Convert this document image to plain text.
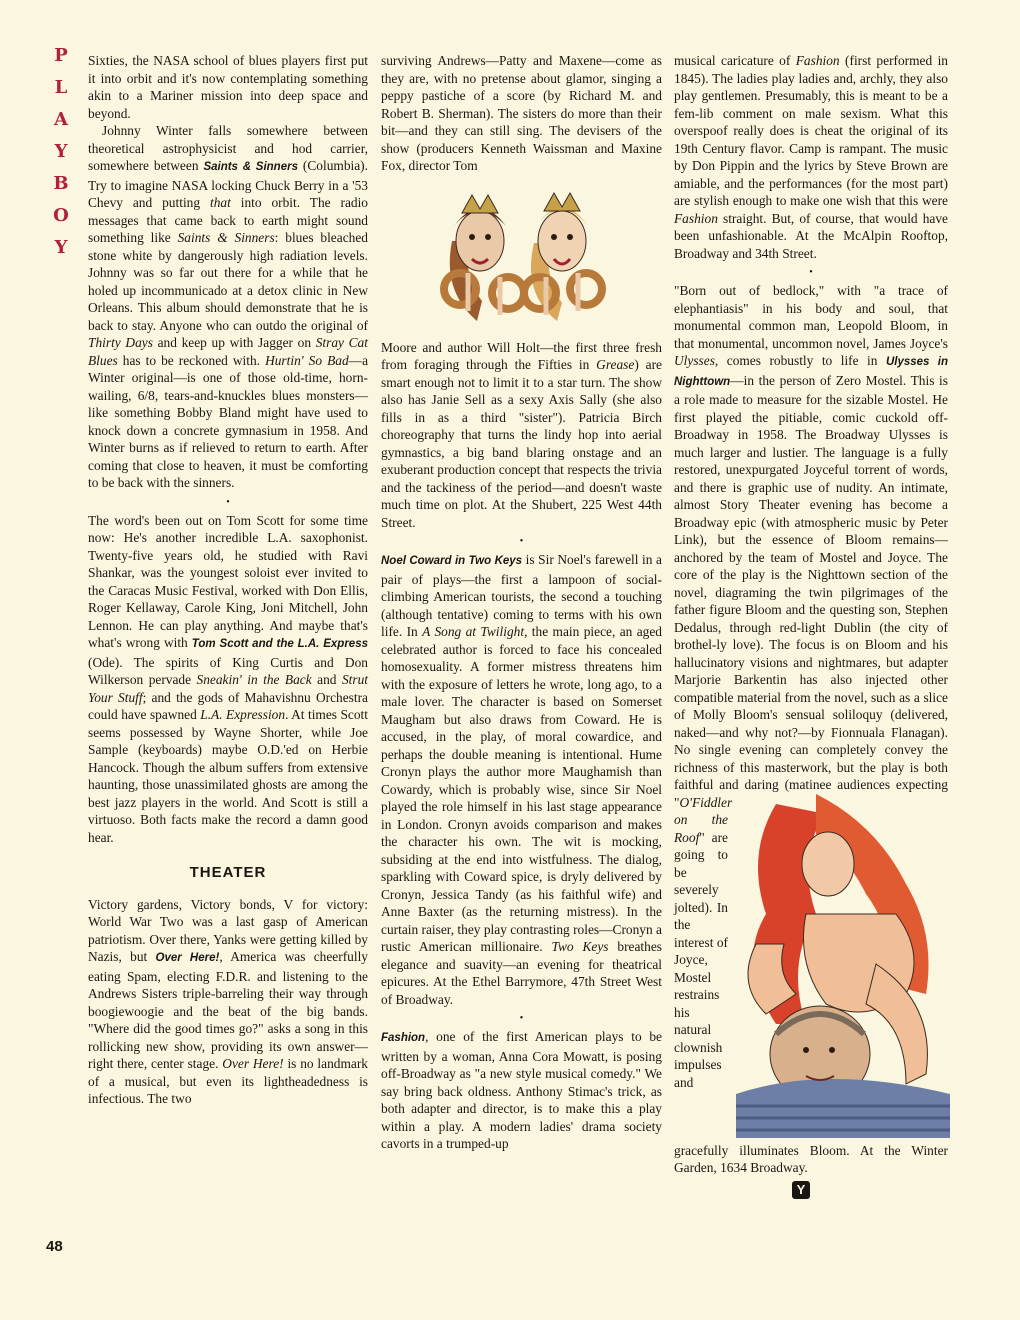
P
L
A
Y
B
O
Y
48

Sixties, the NASA school of blues players first put it into orbit and it's now contemplating something akin to a Mariner mission into deep space and beyond.

Johnny Winter falls somewhere between theoretical astrophysicist and hod carrier, somewhere between Saints & Sinners (Columbia). Try to imagine NASA locking Chuck Berry in a '53 Chevy and putting that into orbit. The radio messages that came back to earth might sound something like Saints & Sinners: blues bleached stone white by dangerously high radiation levels. Johnny was so far out there for a while that he holed up incommunicado at a detox clinic in New Orleans. This album should demonstrate that he is back to stay. Anyone who can outdo the original of Thirty Days and keep up with Jagger on Stray Cat Blues has to be reckoned with. Hurtin' So Bad—a Winter original—is one of those old-time, horn-wailing, 6/8, tears-and-knuckles blues monsters—like something Bobby Bland might have used to knock down a concrete gymnasium in 1958. And Winter burns as if relieved to return to earth. After coming that close to heaven, it must be comforting to be back with the sinners.

•

The word's been out on Tom Scott for some time now: He's another incredible L.A. saxophonist. Twenty-five years old, he studied with Ravi Shankar, was the youngest soloist ever invited to the Caracas Music Festival, worked with Don Ellis, Roger Kellaway, Carole King, Joni Mitchell, John Lennon. He can play anything. And maybe that's what's wrong with Tom Scott and the L.A. Express (Ode). The spirits of King Curtis and Don Wilkerson pervade Sneakin' in the Back and Strut Your Stuff; and the gods of Mahavishnu Orchestra could have spawned L.A. Expression. At times Scott seems possessed by Wayne Shorter, while Joe Sample (keyboards) maybe O.D.'ed on Herbie Hancock. Though the album suffers from extensive haunting, those unassimilated ghosts are among the best jazz players in the world. And Scott is still a virtuoso. Both facts make the record a damn good hear.

THEATER

Victory gardens, Victory bonds, V for victory: World War Two was a last gasp of American patriotism. Over there, Yanks were getting killed by Nazis, but Over Here!, America was cheerfully eating Spam, electing F.D.R. and listening to the Andrews Sisters triple-barreling their way through boogiewoogie and the beat of the big bands. "Where did the good times go?" asks a song in this rollicking new show, providing its own answer—right there, center stage. Over Here! is no landmark of a musical, but even its lightheadedness is infectious. The two

surviving Andrews—Patty and Maxene—come as they are, with no pretense about glamor, singing a peppy pastiche of a score (by Richard M. and Robert B. Sherman). The sisters do more than their bit—and they can still sing. The devisers of the show (producers Kenneth Waissman and Maxine Fox, director Tom

Moore and author Will Holt—the first three fresh from foraging through the Fifties in Grease) are smart enough not to limit it to a star turn. The show also has Janie Sell as a sexy Axis Sally (she also fills in as a third "sister"). Patricia Birch choreography that turns the lindy hop into aerial gymnastics, a big band blaring onstage and an exuberant production concept that respects the trivia and the tackiness of the period—and doesn't waste much time on plot. At the Shubert, 225 West 44th Street.

•

Noel Coward in Two Keys is Sir Noel's farewell in a pair of plays—the first a lampoon of social-climbing American tourists, the second a touching (although tentative) coming to terms with his own life. In A Song at Twilight, the main piece, an aged celebrated author is forced to face his concealed homosexuality. A former mistress threatens him with the exposure of letters he wrote, long ago, to a male lover. The character is based on Somerset Maugham but also draws from Coward. He is accused, in the play, of moral cowardice, and perhaps the double meaning is intentional. Hume Cronyn plays the author more Maughamish than Cowardy, which is probably wise, since Sir Noel played the role himself in his last stage appearance in London. Cronyn avoids comparison and makes the character his own. The wit is mocking, subsiding at the end into wistfulness. The dialog, sparkling with Coward spice, is dryly delivered by Cronyn, Jessica Tandy (as his faithful wife) and Anne Baxter (as the returning mistress). In the curtain raiser, they play contrasting roles—Cronyn a rustic American millionaire. Two Keys breathes elegance and suavity—an evening for theatrical epicures. At the Ethel Barrymore, 47th Street West of Broadway.

•

Fashion, one of the first American plays to be written by a woman, Anna Cora Mowatt, is posing off-Broadway as "a new style musical comedy." We say bring back oldness. Anthony Stimac's trick, as both adapter and director, is to make this a play within a play. A modern ladies' drama society cavorts in a trumped-up

musical caricature of Fashion (first performed in 1845). The ladies play ladies and, archly, they also play gentlemen. Presumably, this is meant to be a fem-lib comment on male sexism. What this overspoof really does is cheat the original of its 19th Century flavor. Camp is rampant. The music by Don Pippin and the lyrics by Steve Brown are amiable, and the performances (for the most part) are stylish enough to make one wish that this were Fashion straight. But, of course, that would have been unfashionable. At the McAlpin Rooftop, Broadway and 34th Street.

•

"Born out of bedlock," with "a trace of elephantiasis" in his body and soul, that monumental common man, Leopold Bloom, in that monumental, uncommon novel, James Joyce's Ulysses, comes robustly to life in Ulysses in Nighttown—in the person of Zero Mostel. This is a role made to measure for the sizable Mostel. He first played the pitiable, comic cuckold off-Broadway in 1958. The Broadway Ulysses is much larger and lustier. The language is a fully restored, unexpurgated Joyceful torrent of words, and there is graphic use of nudity. An intimate, almost Story Theater evening has become a Broadway epic (with atmospheric music by Peter Link), but the essence of Bloom remains—anchored by the team of Mostel and Joyce. The core of the play is the Nighttown section of the novel, diagraming the twin pilgrimages of the father figure Bloom and the questing son, Stephen Dedalus, through red-light Dublin (the city of brothel-ly love). The focus is on Bloom and his hallucinatory visions and nightmares, but adapter Marjorie Barkentin has also injected other compatible material from the novel, such as a slice of Molly Bloom's sensual soliloquy (delivered, naked—and why not?—by Fionnuala Flanagan). No single evening can completely convey the richness of this masterwork, but the play is both faithful and daring (matinee audiences expecting "
O'Fiddler on the Roof" are going to be severely jolted). In the interest of Joyce, Mostel restrains his natural clownish impulses and gracefully illuminates Bloom. At the Winter Garden, 1634 Broadway.

Y
